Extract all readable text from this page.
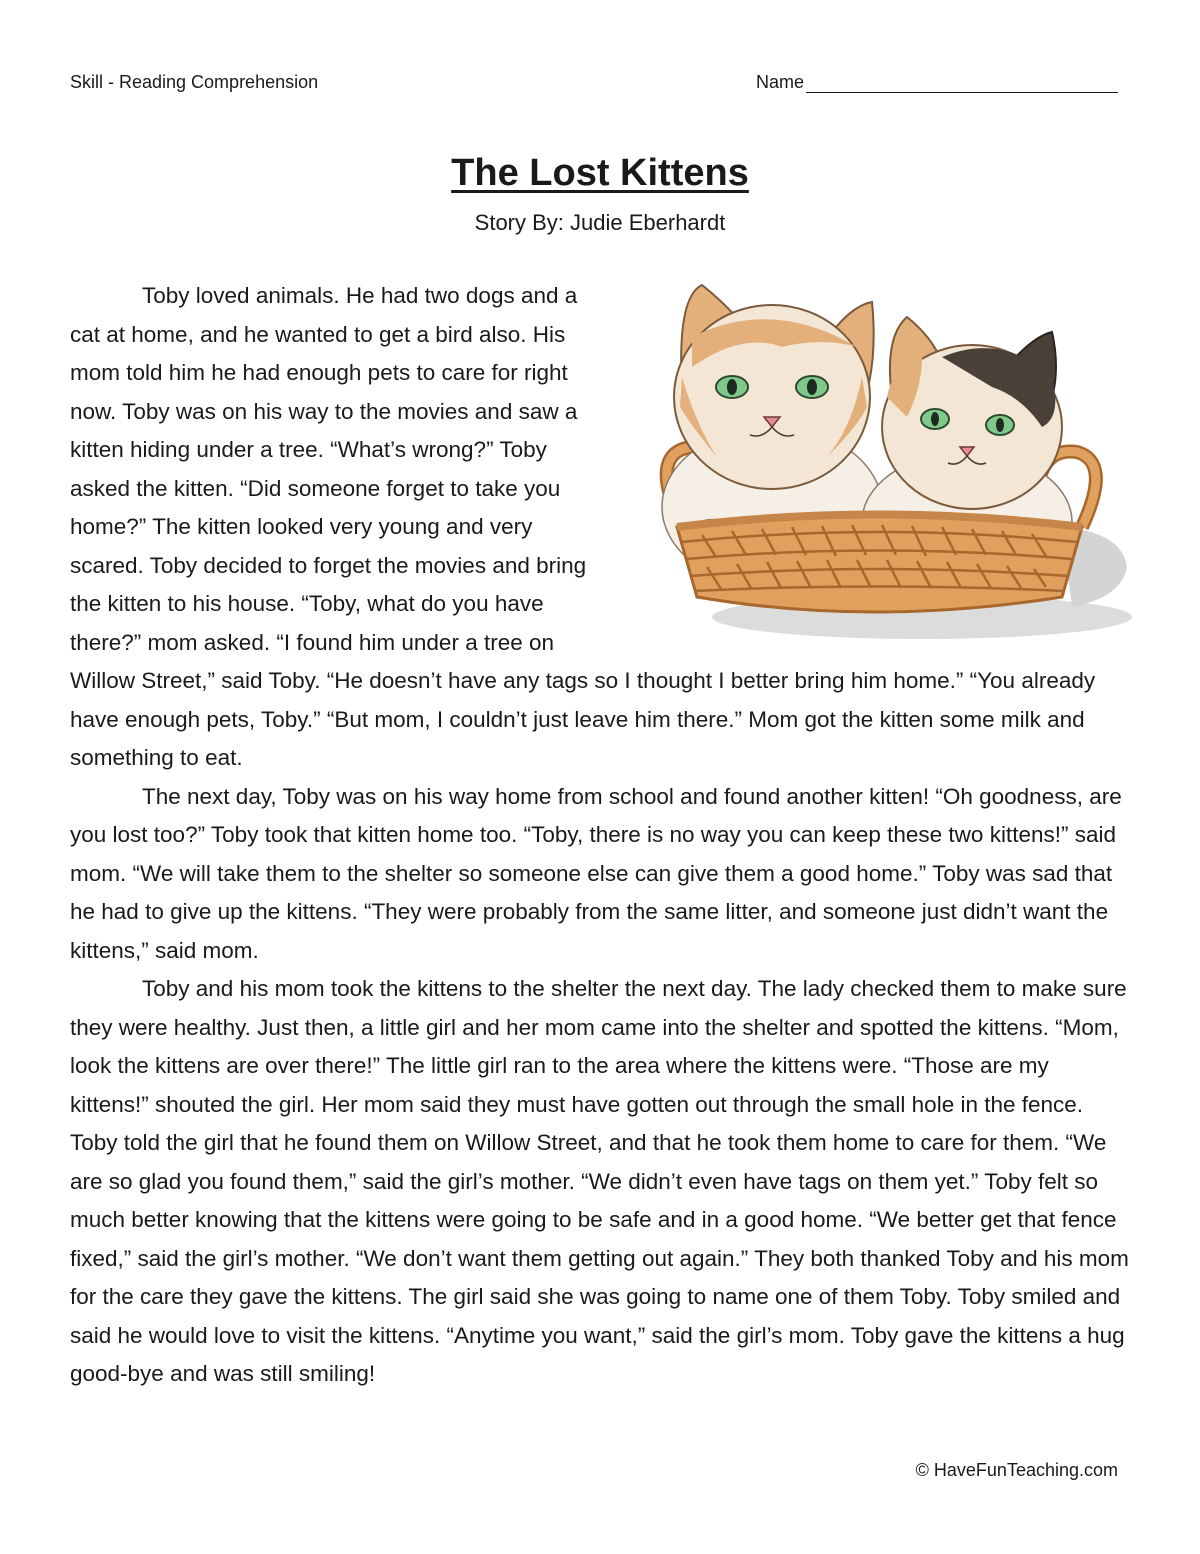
Skill - Reading Comprehension	Name
The Lost Kittens
Story By: Judie Eberhardt

Toby loved animals. He had two dogs and a cat at home, and he wanted to get a bird also. His mom told him he had enough pets to care for right now. Toby was on his way to the movies and saw a kitten hiding under a tree. “What’s wrong?” Toby asked the kitten. “Did someone forget to take you home?” The kitten looked very young and very scared. Toby decided to forget the movies and bring the kitten to his house. “Toby, what do you have there?” mom asked. “I found him under a tree on Willow Street,” said Toby. “He doesn’t have any tags so I thought I better bring him home.” “You already have enough pets, Toby.” “But mom, I couldn’t just leave him there.” Mom got the kitten some milk and something to eat.

The next day, Toby was on his way home from school and found another kitten! “Oh goodness, are you lost too?” Toby took that kitten home too. “Toby, there is no way you can keep these two kittens!” said mom. “We will take them to the shelter so someone else can give them a good home.” Toby was sad that he had to give up the kittens. “They were probably from the same litter, and someone just didn’t want the kittens,” said mom.

Toby and his mom took the kittens to the shelter the next day. The lady checked them to make sure they were healthy. Just then, a little girl and her mom came into the shelter and spotted the kittens. “Mom, look the kittens are over there!” The little girl ran to the area where the kittens were. “Those are my kittens!” shouted the girl. Her mom said they must have gotten out through the small hole in the fence. Toby told the girl that he found them on Willow Street, and that he took them home to care for them. “We are so glad you found them,” said the girl’s mother. “We didn’t even have tags on them yet.” Toby felt so much better knowing that the kittens were going to be safe and in a good home. “We better get that fence fixed,” said the girl’s mother. “We don’t want them getting out again.” They both thanked Toby and his mom for the care they gave the kittens. The girl said she was going to name one of them Toby. Toby smiled and said he would love to visit the kittens. “Anytime you want,” said the girl’s mom. Toby gave the kittens a hug good-bye and was still smiling!

© HaveFunTeaching.com
